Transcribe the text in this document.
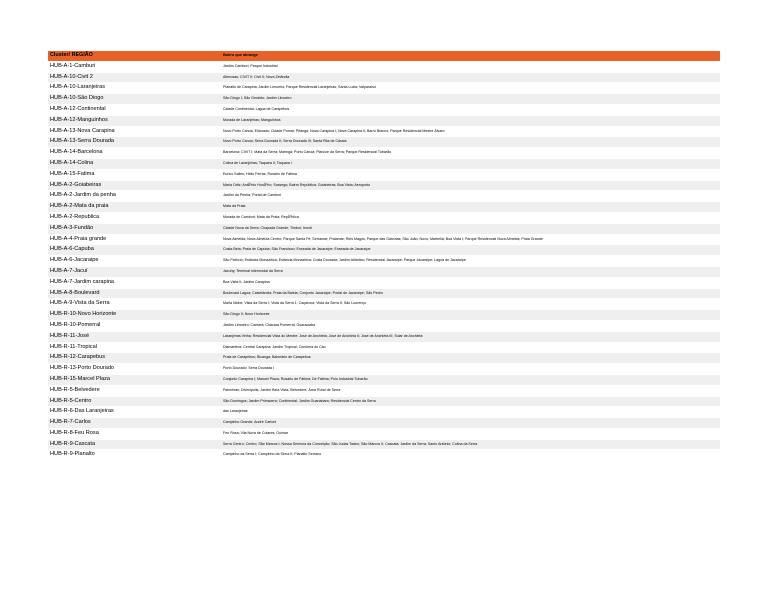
Cluster/ REGIÃO	Bairro que abrange
HUB-A-1-Camburi	Jardim Camburi; Parque Industrial
HUB-A-10-Civit 2	Alterosas; CIVIT II; Civit II; Nova Zelândia
HUB-A-10-Laranjeiras	Planalto de Carapina; Jardim Limoeiro; Parque Residencial Laranjeiras; Santa Luzia; Valparaíso
HUB-A-10-São Diogo	São Diogo I; São Geraldo; Jardim Limoeiro
HUB-A-12-Continental	Cidade Continental; Lagoa de Carapebus
HUB-A-12-Manguinhos	Morada de Laranjeiras; Manguinhos
HUB-A-13-Nova Carapina	Novo Porto Canoa; Eldorado; Cidade Pomar; Pitanga; Nova Carapina I; Nova Carapina II; Barro Branco; Parque Residencial Mestre Álvaro
HUB-A-13-Serra Dourada	Novo Porto Canoa; Serra Dourada II; Serra Dourada III; Santa Rita de Cássia
HUB-A-14-Barcelona	Barcelona; CIVIT I; Mata da Serra; Maringá; Porto Canoa; Planície da Serra; Parque Residencial Tubarão
HUB-A-14-Colina	Colina de Laranjeiras; Taquara II; Taquara I
HUB-A-15-Fatima	Eurico Salles; Hélio Ferraz; Rosário de Fátima
HUB-A-2-Goiabeiras	Maria Ortiz; AntÃ³nio HonÃ³rio; Sossego; Bairro República; Goiabeiras; Boa Vista; Aeroporto
HUB-A-2-Jardim da penha	Jardim da Penha; Portal de Camburi
HUB-A-2-Mata da praia	Mata da Praia
HUB-A-2-Republica	Morada de Camburi; Mata da Praia; RepÃºblica
HUB-A-3-Fundão	Cidade Nova da Serra; Chapada Grande; Timbuí; Irundi
HUB-A-4-Praia grande	Nova Almeida; Nova Almeida Centro; Parque Santa Fé; Serramar; Praiamar; Reis Magos; Parque das Gaivotas; São João; Novo; Marbella; Boa Vista I; Parque Residencial Nova Almeida; Praia Grande
HUB-A-6-Capuba	Costa Bela; Praia de Capuba; São Francisco; Enseada de Jacaraípe; Enseada de Jacaraípe
HUB-A-6-Jacaraipe	São Patrício; Estância Monazítica; Estância Monazítica; Costa Dourada; Jardim Atlântico; Residencial Jacaraípe; Parque Jacaraípe; Lagoa de Jacaraípe
HUB-A-7-Jacuí	Jacuhy; Terminal Intermodal da Serra
HUB-A-7-Jardim carapina	Boa Vista II; Jardim Carapina
HUB-A-8-Boulevard	Boulevard Lagoa; Castelândia; Praia da Baleia; Conjunto Jacaraípe; Portal de Jacaraípe; São Pedro
HUB-A-9-Vista da Serra	Maria Niobe; Vista da Serra I; Vista da Serra 1; Caçaroca; Vista da Serra II; São Lourenço
HUB-R-10-Novo Horizonte	São Diogo II; Novo Horizonte
HUB-R-10-Pomerral	Jardim Limoeiro; Camará; Chácara Pomerral; Guaraciaba
HUB-R-11-José	Laranjeiras Velha; Residencial Vista do Mestre; José de Anchieta; José de Anchieta II; José de Anchieta III; Solar de Anchieta
HUB-R-11-Tropical	Diamantina; Central Carapina; Jardim Tropical; Conômia do Cáu
HUB-R-12-Carapebus	Praia de Carapebus; Bicanga; Balneário de Carapebus
HUB-R-13-Porto Dourado	Porto Dourado; Serra Dourada I
HUB-R-15-Marcel Plaza	Conjunto Carapina I; Manoel Plaza; Rosário de Fátima; De Fátima; Polo Industrial Tubarão
HUB-R-5-Belvedere	Palmeiras; Divinópolis; Jardim Bela Vista; Belvedere; Área Rural de Serra
HUB-R-5-Centro	São Domingos; Jardim Primavera; Continental; Jardim Guanabara; Residencial Centro da Serra
HUB-R-6-Das Laranjeiras	das Laranjeiras
HUB-R-7-Carlos	Campinho Grande; André Carloni
HUB-R-8-Feu Rosa	Feu Rosa; Vila Nova de Colares; Ouimar
HUB-R-9-Cascata	Serra Centro; Centro; São Marcos I; Nossa Senhora da Conceição; São Judas Tadeu; São Marcos II; Cascata; Jardim da Serra; Santo Antônio; Colina da Serra
HUB-R-9-Planalto	Campinho da Serra I; Campinho da Serra II; Planalto Serrano
